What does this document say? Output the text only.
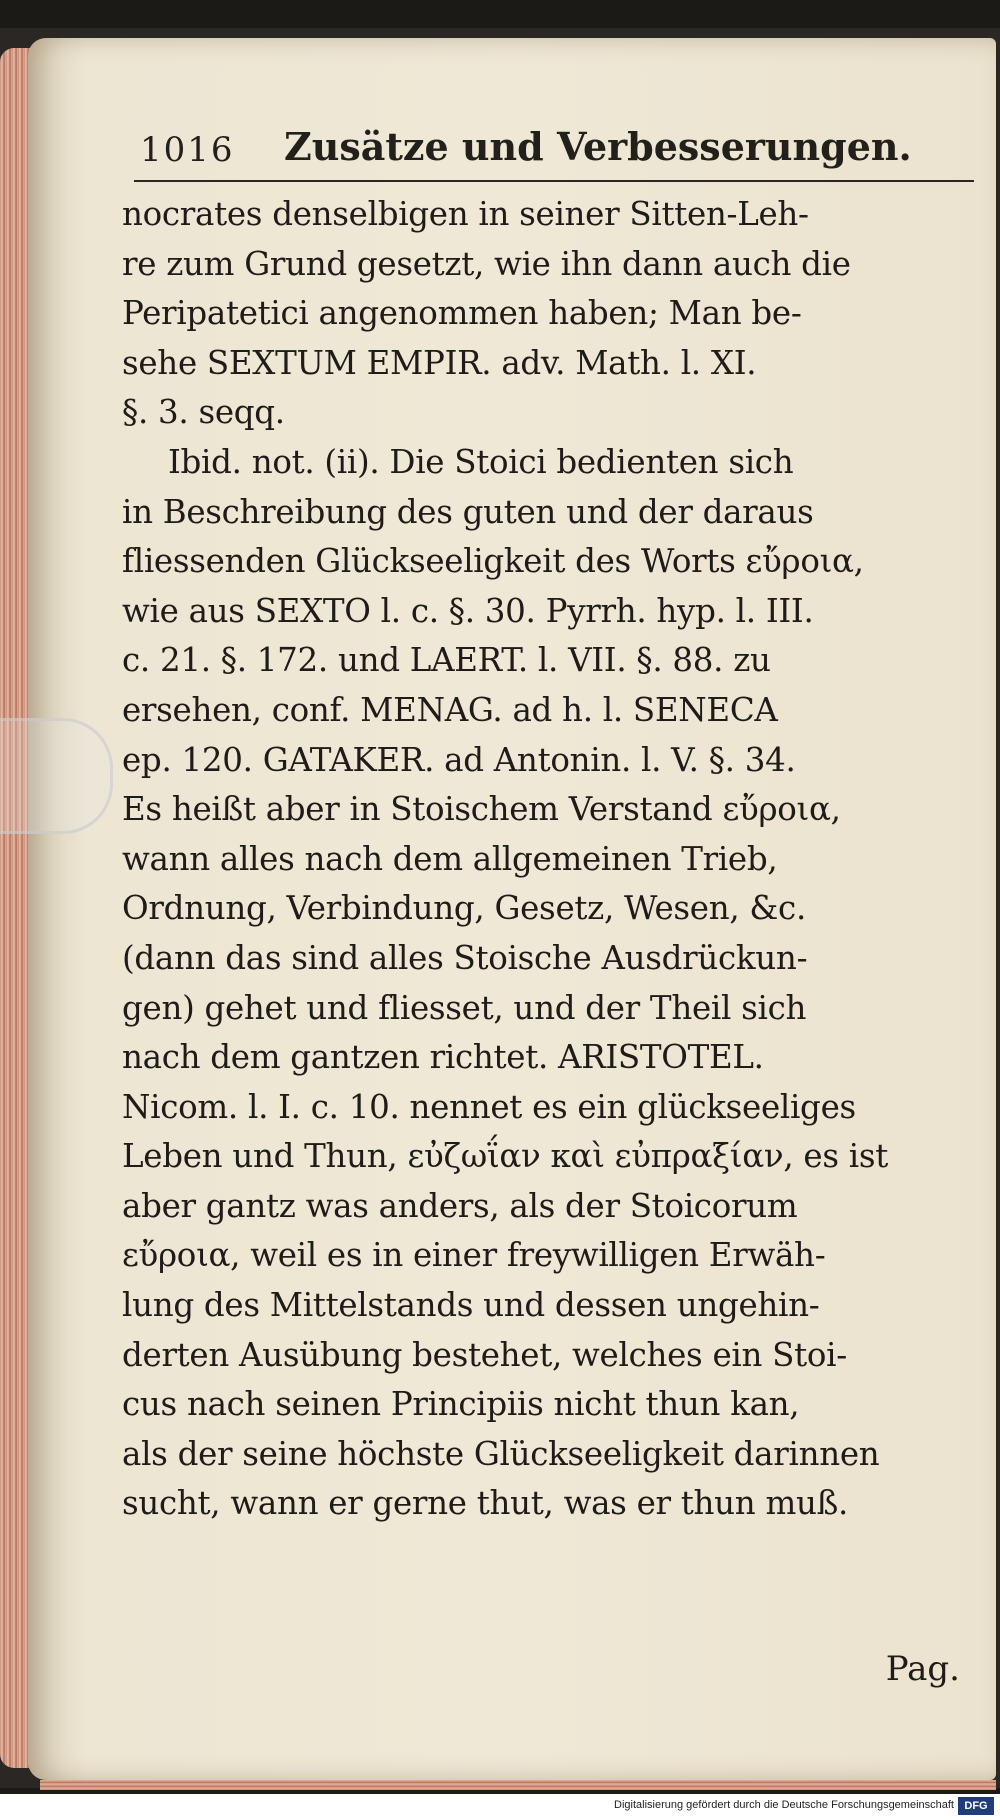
1016 Zusätze und Verbesserungen.
nocrates denselbigen in seiner Sitten-Leh-
re zum Grund gesetzt, wie ihn dann auch die
Peripatetici angenommen haben; Man be-
sehe SEXTUM EMPIR. adv. Math. l. XI.
§. 3. seqq.
Ibid. not. (ii). Die Stoici bedienten sich
in Beschreibung des guten und der daraus
fliessenden Glückseeligkeit des Worts εὔροια,
wie aus SEXTO l. c. §. 30. Pyrrh. hyp. l. III.
c. 21. §. 172. und LAERT. l. VII. §. 88. zu
ersehen, conf. MENAG. ad h. l. SENECA
ep. 120. GATAKER. ad Antonin. l. V. §. 34.
Es heißt aber in Stoischem Verstand εὔροια,
wann alles nach dem allgemeinen Trieb,
Ordnung, Verbindung, Gesetz, Wesen, &c.
(dann das sind alles Stoische Ausdrückun-
gen) gehet und fliesset, und der Theil sich
nach dem gantzen richtet. ARISTOTEL.
Nicom. l. I. c. 10. nennet es ein glückseeliges
Leben und Thun, εὐζωΐαν καὶ εὐπραξίαν, es ist
aber gantz was anders, als der Stoicorum
εὔροια, weil es in einer freywilligen Erwäh-
lung des Mittelstands und dessen ungehin-
derten Ausübung bestehet, welches ein Stoi-
cus nach seinen Principiis nicht thun kan,
als der seine höchste Glückseeligkeit darinnen
sucht, wann er gerne thut, was er thun muß.
Pag.
Digitalisierung gefördert durch die Deutsche Forschungsgemeinschaft DFG
